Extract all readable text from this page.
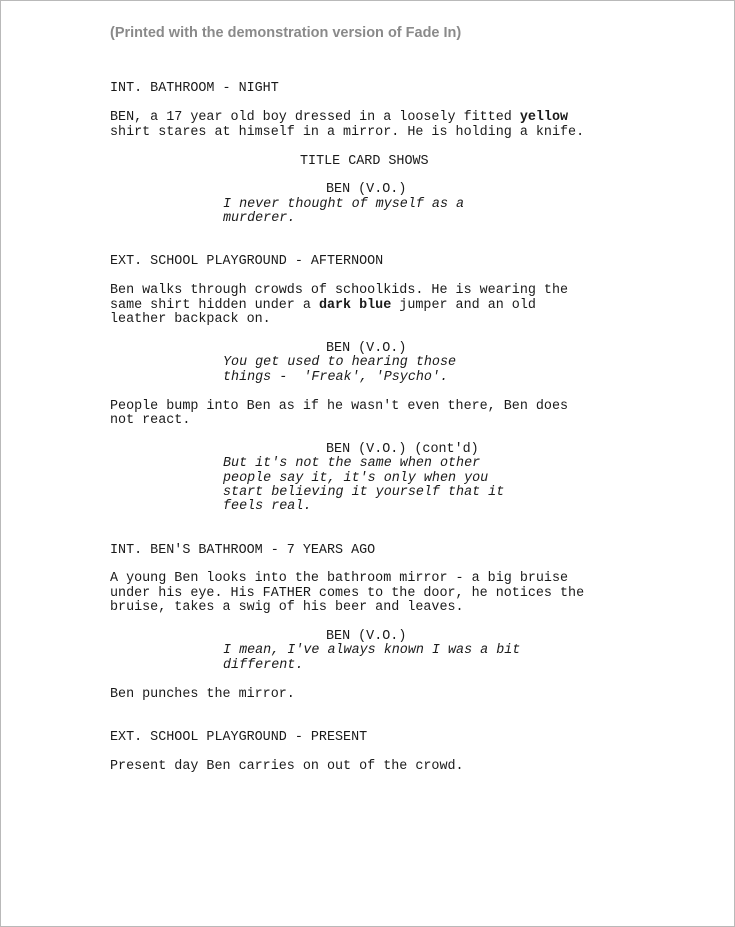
(Printed with the demonstration version of Fade In)
INT. BATHROOM - NIGHT
BEN, a 17 year old boy dressed in a loosely fitted yellow
shirt stares at himself in a mirror. He is holding a knife.
TITLE CARD SHOWS
BEN (V.O.)
I never thought of myself as a
murderer.
EXT. SCHOOL PLAYGROUND - AFTERNOON
Ben walks through crowds of schoolkids. He is wearing the
same shirt hidden under a dark blue jumper and an old
leather backpack on.
BEN (V.O.)
You get used to hearing those
things -  'Freak', 'Psycho'.
People bump into Ben as if he wasn't even there, Ben does
not react.
BEN (V.O.) (cont'd)
But it's not the same when other
people say it, it's only when you
start believing it yourself that it
feels real.
INT. BEN'S BATHROOM - 7 YEARS AGO
A young Ben looks into the bathroom mirror - a big bruise
under his eye. His FATHER comes to the door, he notices the
bruise, takes a swig of his beer and leaves.
BEN (V.O.)
I mean, I've always known I was a bit
different.
Ben punches the mirror.
EXT. SCHOOL PLAYGROUND - PRESENT
Present day Ben carries on out of the crowd.
